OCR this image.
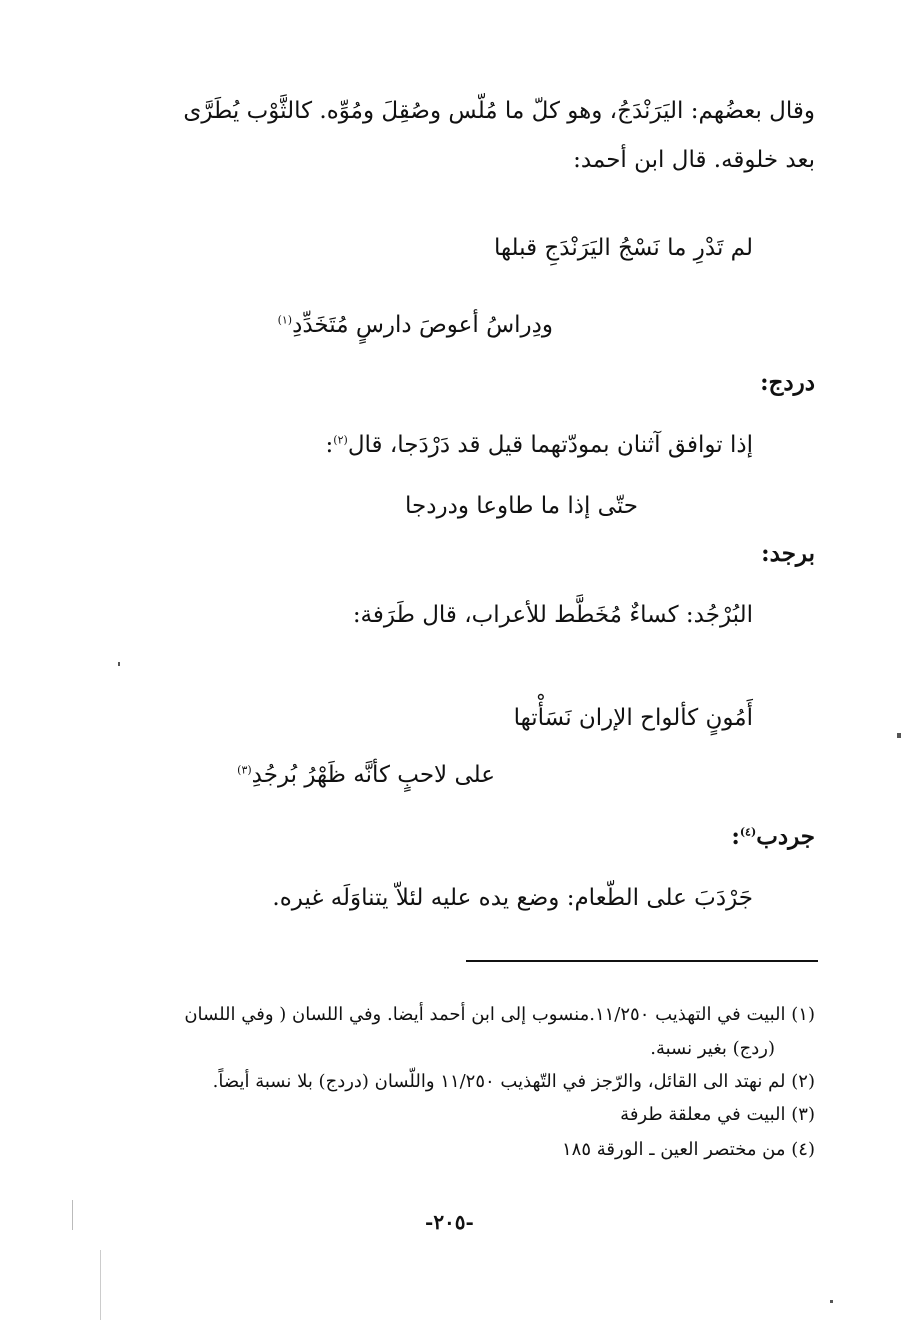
وقال بعضُهم: اليَرَنْدَجُ، وهو كلّ ما مُلّس وصُقِلَ ومُوِّه. كالثَّوْب يُطَرَّى
بعد خلوقه. قال ابن أحمد:
لم تَدْرِ ما نَسْجُ اليَرَنْدَجِ قبلها
ودِراسُ أعوصَ دارسٍ مُتَخَدِّدِ$^{(١)}$
دردج:
إذا توافق آثنان بمودّتهما قيل قد دَرْدَجا، قال$^{(٢)}$:
حتّى إذا ما طاوعا ودردجا
برجد:
البُرْجُد: كساءٌ مُخَطَّط للأعراب، قال طَرَفة:
أَمُونٍ كألواح الإران نَسَأْتها
على لاحبٍ كأنَّه ظَهْرُ بُرجُدِ$^{(٣)}$
جردب$^{(٤)}$:
جَرْدَبَ على الطّعام: وضع يده عليه لئلاّ يتناوَلَه غيره.
(١) البيت في التهذيب ١١/٢٥٠.منسوب إلى ابن أحمد أيضا. وفي اللسان ( وفي اللسان
(ردج) بغير نسبة.
(٢) لم نهتد الى القائل، والرّجز في التّهذيب ١١/٢٥٠ واللّسان (دردج) بلا نسبة أيضاً.
(٣) البيت في معلقة طرفة
(٤) من مختصر العين ـ الورقة ١٨٥
-٢٠٥-
